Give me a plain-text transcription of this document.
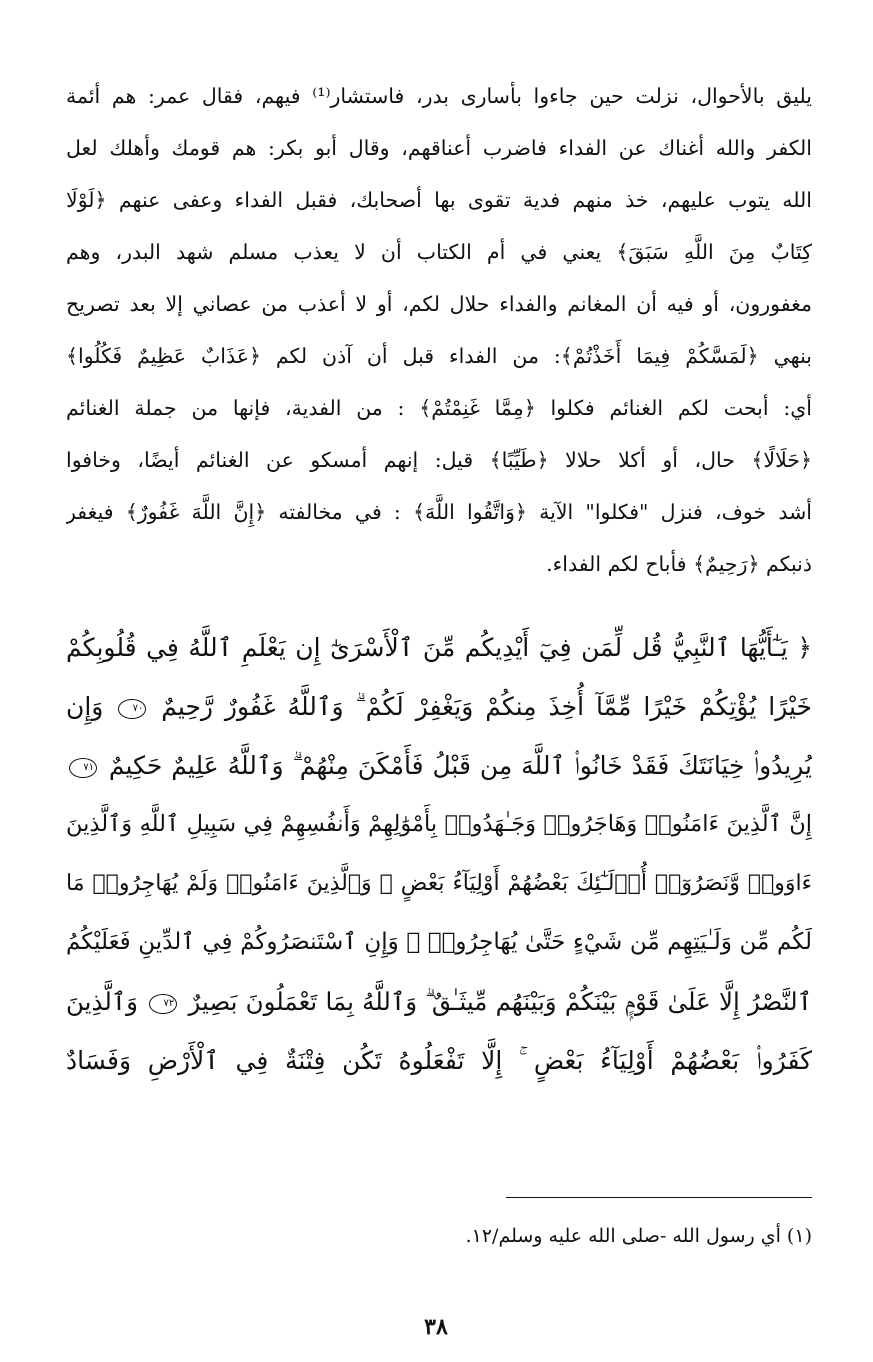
يليق بالأحوال، نزلت حين جاءوا بأسارى بدر، فاستشار⁽¹⁾ فيهم، فقال عمر: هم أئمة
الكفر والله أغناك عن الفداء فاضرب أعناقهم، وقال أبو بكر: هم قومك وأهلك لعل
الله يتوب عليهم، خذ منهم فدية تقوى بها أصحابك، فقبل الفداء وعفى عنهم ﴿لَوْلَا
كِتَابٌ مِنَ اللَّهِ سَبَقَ﴾ يعني في أم الكتاب أن لا يعذب مسلم شهد البدر، وهم
مغفورون، أو فيه أن المغانم والفداء حلال لكم، أو لا أعذب من عصاني إلا بعد تصريح
بنهي ﴿لَمَسَّكُمْ فِيمَا أَخَذْتُمْ﴾: من الفداء قبل أن آذن لكم ﴿عَذَابٌ عَظِيمٌ فَكُلُوا﴾
أي: أبحت لكم الغنائم فكلوا ﴿مِمَّا غَنِمْتُمْ﴾ : من الفدية، فإنها من جملة الغنائم
﴿حَلَالًا﴾ حال، أو أكلا حلالا ﴿طَيِّبًا﴾ قيل: إنهم أمسكو عن الغنائم أيضًا، وخافوا
أشد خوف، فنزل "فكلوا" الآية ﴿وَاتَّقُوا اللَّهَ﴾ : في مخالفته ﴿إِنَّ اللَّهَ غَفُورٌ﴾ فيغفر
ذنبكم ﴿رَحِيمٌ﴾ فأباح لكم الفداء.
﴿ يَـٰٓأَيُّهَا ٱلنَّبِيُّ قُل لِّمَن فِيٓ أَيْدِيكُم مِّنَ ٱلْأَسْرَىٰٓ إِن يَعْلَمِ ٱللَّهُ فِي قُلُوبِكُمْ
خَيْرًا يُؤْتِكُمْ خَيْرًا مِّمَّآ أُخِذَ مِنكُمْ وَيَغْفِرْ لَكُمْ ۗ وَٱللَّهُ غَفُورٌ رَّحِيمٌ ٧٠ وَإِن
يُرِيدُوا۟ خِيَانَتَكَ فَقَدْ خَانُوا۟ ٱللَّهَ مِن قَبْلُ فَأَمْكَنَ مِنْهُمْ ۗ وَٱللَّهُ عَلِيمٌ حَكِيمٌ ٧١
إِنَّ ٱلَّذِينَ ءَامَنُوا۟ وَهَاجَرُوا۟ وَجَـٰهَدُوا۟ بِأَمْوَٰلِهِمْ وَأَنفُسِهِمْ فِي سَبِيلِ ٱللَّهِ وَٱلَّذِينَ
ءَاوَوا۟ وَّنَصَرُوٓا۟ أُو۟لَـٰٓئِكَ بَعْضُهُمْ أَوْلِيَآءُ بَعْضٍ ۚ وَٱلَّذِينَ ءَامَنُوا۟ وَلَمْ يُهَاجِرُوا۟ مَا
لَكُم مِّن وَلَـٰيَتِهِم مِّن شَيْءٍ حَتَّىٰ يُهَاجِرُوا۟ ۚ وَإِنِ ٱسْتَنصَرُوكُمْ فِي ٱلدِّينِ فَعَلَيْكُمُ
ٱلنَّصْرُ إِلَّا عَلَىٰ قَوْمٍۭ بَيْنَكُمْ وَبَيْنَهُم مِّيثَـٰقٌ ۗ وَٱللَّهُ بِمَا تَعْمَلُونَ بَصِيرٌ ٧٢ وَٱلَّذِينَ
كَفَرُوا۟ بَعْضُهُمْ أَوْلِيَآءُ بَعْضٍ ۚ إِلَّا تَفْعَلُوهُ تَكُن فِتْنَةٌ فِي ٱلْأَرْضِ وَفَسَادٌ
(١) أي رسول الله -صلى الله عليه وسلم/١٢.
٣٨
